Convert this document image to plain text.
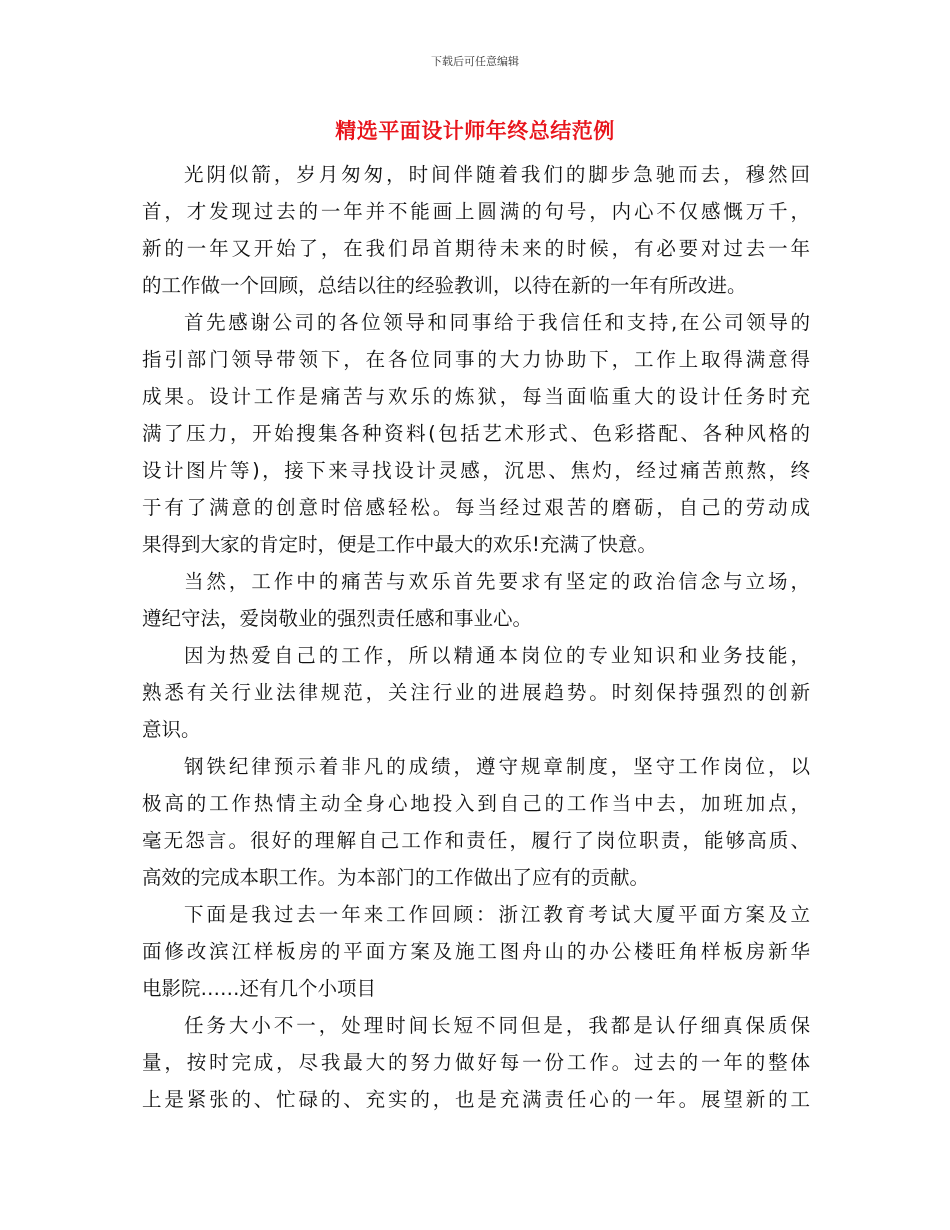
下载后可任意编辑
精选平面设计师年终总结范例
光阴似箭，岁月匆匆，时间伴随着我们的脚步急驰而去，穆然回
首，才发现过去的一年并不能画上圆满的句号，内心不仅感慨万千，
新的一年又开始了，在我们昂首期待未来的时候，有必要对过去一年
的工作做一个回顾，总结以往的经验教训，以待在新的一年有所改进。
首先感谢公司的各位领导和同事给于我信任和支持,在公司领导的
指引部门领导带领下，在各位同事的大力协助下，工作上取得满意得
成果。设计工作是痛苦与欢乐的炼狱，每当面临重大的设计任务时充
满了压力，开始搜集各种资料(包括艺术形式、色彩搭配、各种风格的
设计图片等)，接下来寻找设计灵感，沉思、焦灼，经过痛苦煎熬，终
于有了满意的创意时倍感轻松。每当经过艰苦的磨砺，自己的劳动成
果得到大家的肯定时，便是工作中最大的欢乐!充满了快意。
当然，工作中的痛苦与欢乐首先要求有坚定的政治信念与立场，
遵纪守法，爱岗敬业的强烈责任感和事业心。
因为热爱自己的工作，所以精通本岗位的专业知识和业务技能，
熟悉有关行业法律规范，关注行业的进展趋势。时刻保持强烈的创新
意识。
钢铁纪律预示着非凡的成绩，遵守规章制度，坚守工作岗位，以
极高的工作热情主动全身心地投入到自己的工作当中去，加班加点，
毫无怨言。很好的理解自己工作和责任，履行了岗位职责，能够高质、
高效的完成本职工作。为本部门的工作做出了应有的贡献。
下面是我过去一年来工作回顾：浙江教育考试大厦平面方案及立
面修改滨江样板房的平面方案及施工图舟山的办公楼旺角样板房新华
电影院……还有几个小项目
任务大小不一，处理时间长短不同但是，我都是认仔细真保质保
量，按时完成，尽我最大的努力做好每一份工作。过去的一年的整体
上是紧张的、忙碌的、充实的，也是充满责任心的一年。展望新的工
